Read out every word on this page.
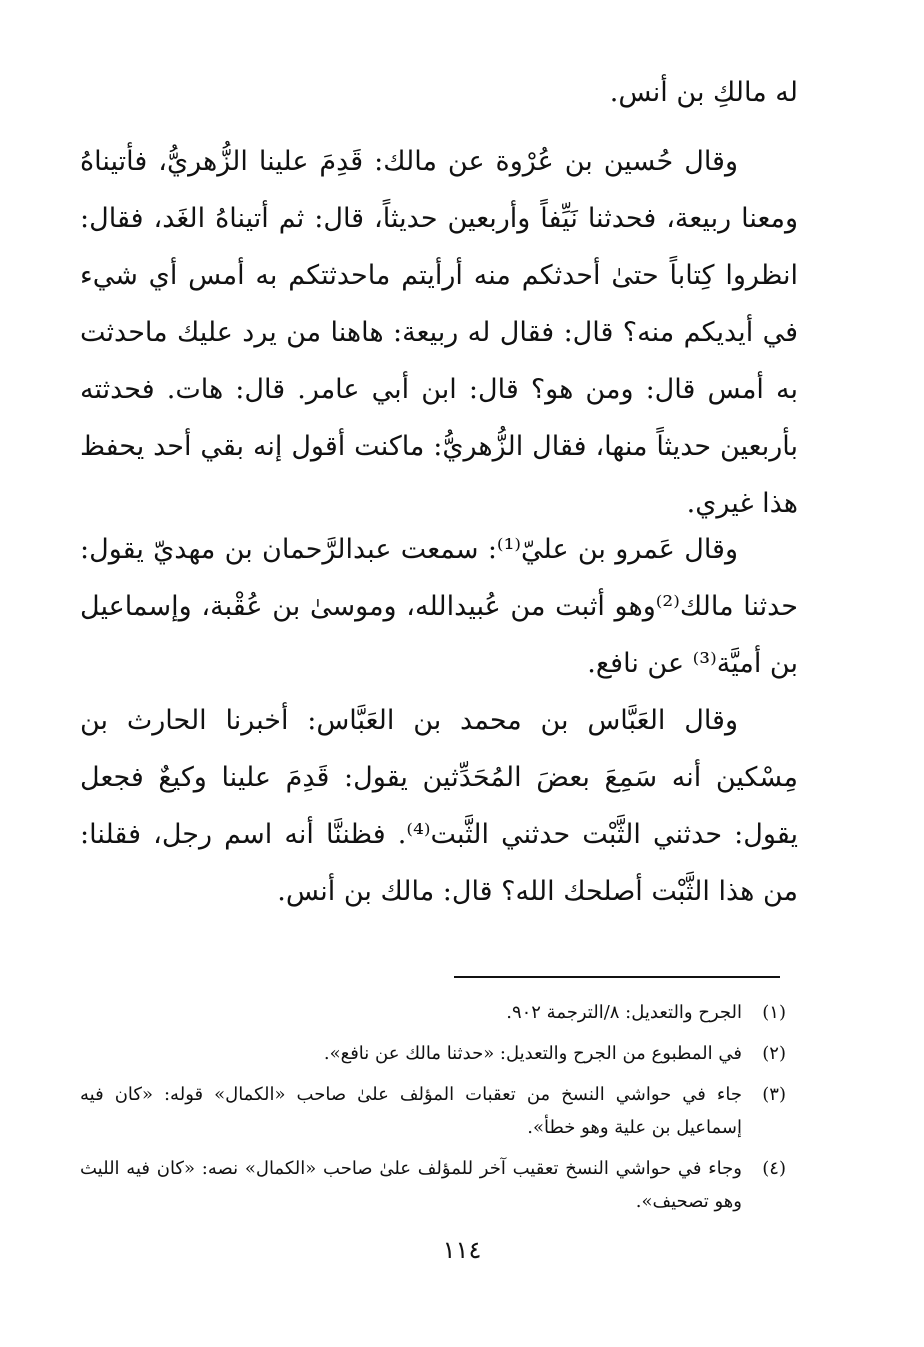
له مالكِ بن أنس.

وقال حُسين بن عُرْوة عن مالك: قَدِمَ علينا الزُّهريُّ، فأتيناهُ ومعنا ربيعة، فحدثنا نَيِّفاً وأربعين حديثاً، قال: ثم أتيناهُ الغَد، فقال: انظروا كِتاباً حتىٰ أحدثكم منه أرأيتم ماحدثتكم به أمس أي شيء في أيديكم منه؟ قال: فقال له ربيعة: هاهنا من يرد عليك ماحدثت به أمس قال: ومن هو؟ قال: ابن أبي عامر. قال: هات. فحدثته بأربعين حديثاً منها، فقال الزُّهريُّ: ماكنت أقول إنه بقي أحد يحفظ هذا غيري.

وقال عَمرو بن عليّ⁽¹⁾: سمعت عبدالرَّحمان بن مهديّ يقول: حدثنا مالك⁽²⁾وهو أثبت من عُبيدالله، وموسىٰ بن عُقْبة، وإسماعيل بن أميَّة⁽³⁾ عن نافع.

وقال العَبَّاس بن محمد بن العَبَّاس: أخبرنا الحارث بن مِسْكين أنه سَمِعَ بعضَ المُحَدِّثين يقول: قَدِمَ علينا وكيعٌ فجعل يقول: حدثني الثَّبْت حدثني الثَّبت⁽⁴⁾. فظننَّا أنه اسم رجل، فقلنا: من هذا الثَّبْت أصلحك الله؟ قال: مالك بن أنس.

(١)
الجرح والتعديل: ٨/الترجمة ٩٠٢.
(٢)
في المطبوع من الجرح والتعديل: «حدثنا مالك عن نافع».
(٣)
جاء في حواشي النسخ من تعقبات المؤلف علىٰ صاحب «الكمال» قوله: «كان فيه إسماعيل بن علية وهو خطأ».
(٤)
وجاء في حواشي النسخ تعقيب آخر للمؤلف علىٰ صاحب «الكمال» نصه: «كان فيه الليث وهو تصحيف».
١١٤
